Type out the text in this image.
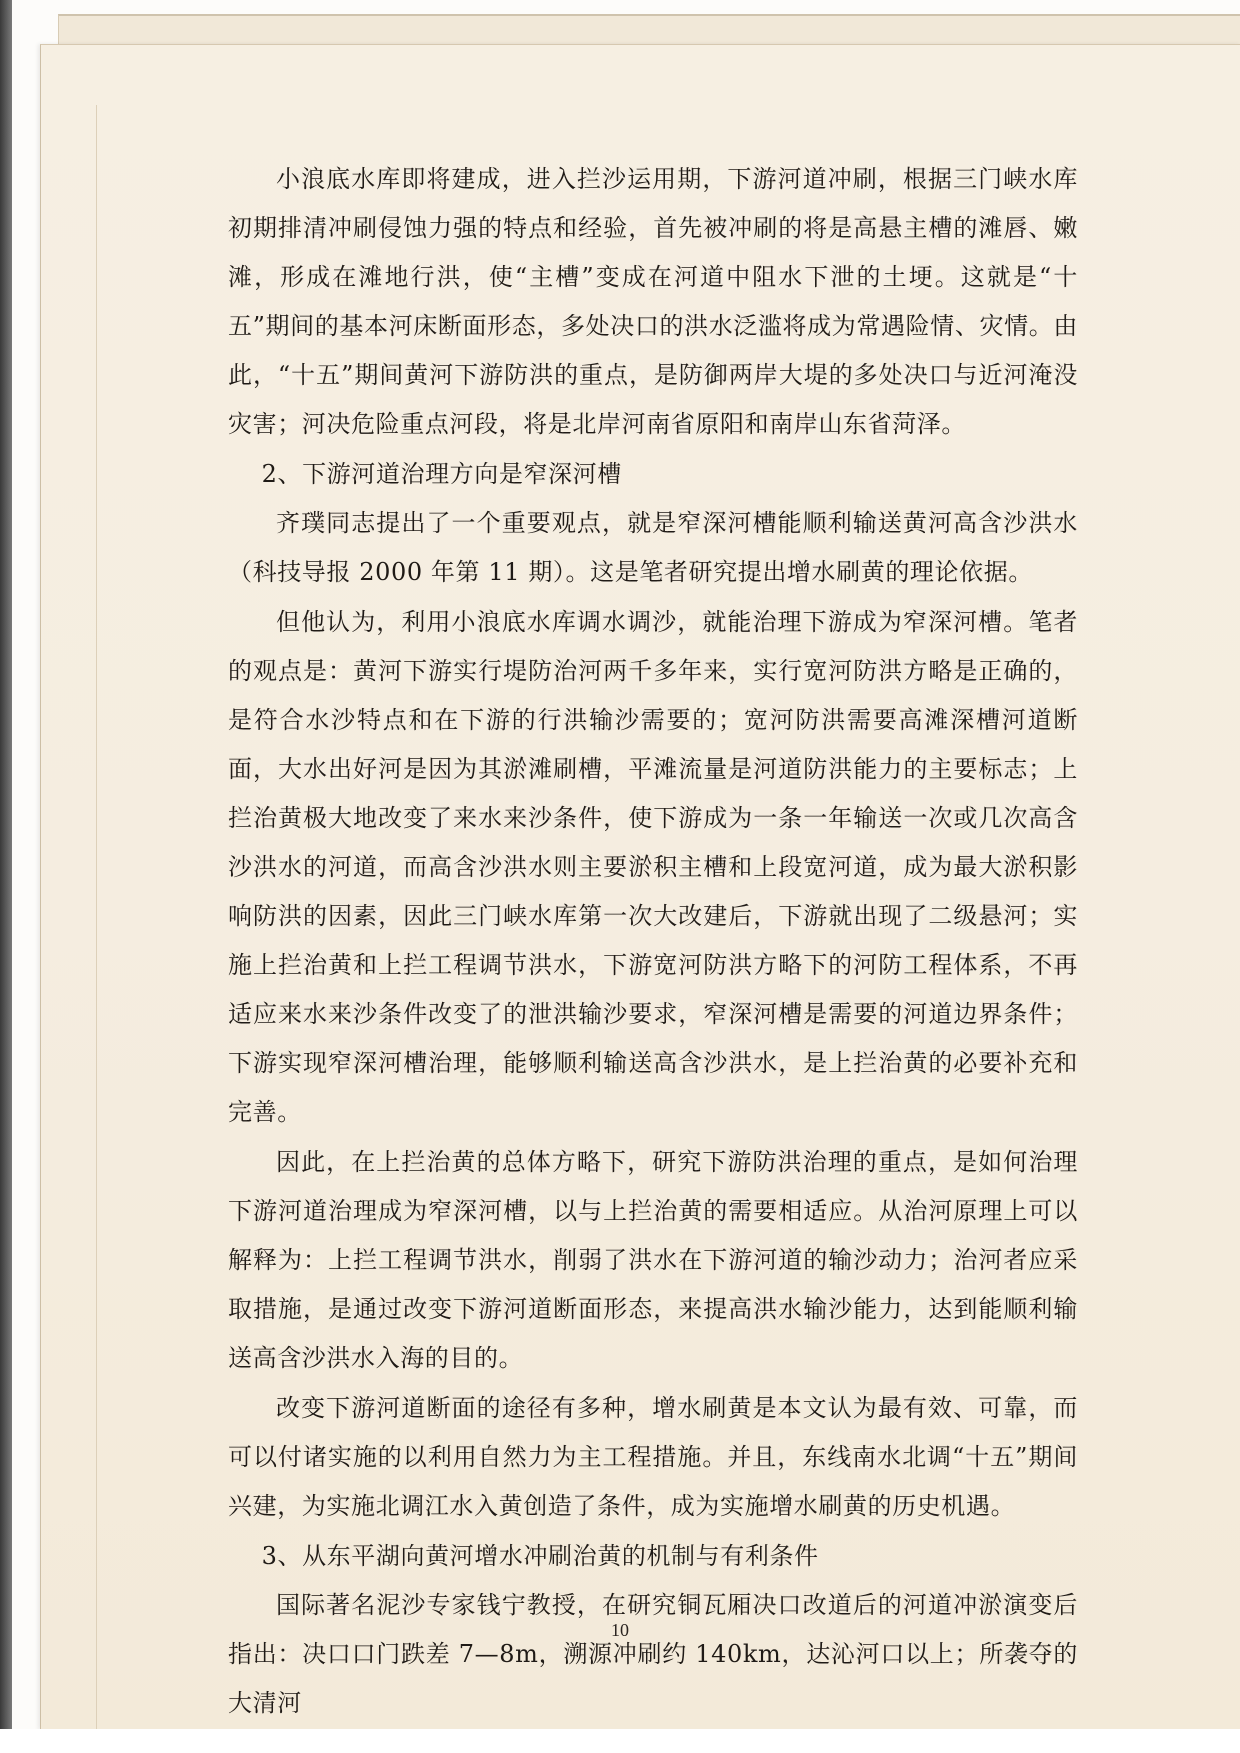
小浪底水库即将建成，进入拦沙运用期，下游河道冲刷，根据三门峡水库初期排清冲刷侵蚀力强的特点和经验，首先被冲刷的将是高悬主槽的滩唇、嫩滩，形成在滩地行洪，使“主槽”变成在河道中阻水下泄的土埂。这就是“十五”期间的基本河床断面形态，多处决口的洪水泛滥将成为常遇险情、灾情。由此，“十五”期间黄河下游防洪的重点，是防御两岸大堤的多处决口与近河淹没灾害；河决危险重点河段，将是北岸河南省原阳和南岸山东省菏泽。

2、下游河道治理方向是窄深河槽

齐璞同志提出了一个重要观点，就是窄深河槽能顺利输送黄河高含沙洪水（科技导报 2000 年第 11 期）。这是笔者研究提出增水刷黄的理论依据。

但他认为，利用小浪底水库调水调沙，就能治理下游成为窄深河槽。笔者的观点是：黄河下游实行堤防治河两千多年来，实行宽河防洪方略是正确的，是符合水沙特点和在下游的行洪输沙需要的；宽河防洪需要高滩深槽河道断面，大水出好河是因为其淤滩刷槽，平滩流量是河道防洪能力的主要标志；上拦治黄极大地改变了来水来沙条件，使下游成为一条一年输送一次或几次高含沙洪水的河道，而高含沙洪水则主要淤积主槽和上段宽河道，成为最大淤积影响防洪的因素，因此三门峡水库第一次大改建后，下游就出现了二级悬河；实施上拦治黄和上拦工程调节洪水，下游宽河防洪方略下的河防工程体系，不再适应来水来沙条件改变了的泄洪输沙要求，窄深河槽是需要的河道边界条件；下游实现窄深河槽治理，能够顺利输送高含沙洪水，是上拦治黄的必要补充和完善。

因此，在上拦治黄的总体方略下，研究下游防洪治理的重点，是如何治理下游河道治理成为窄深河槽，以与上拦治黄的需要相适应。从治河原理上可以解释为：上拦工程调节洪水，削弱了洪水在下游河道的输沙动力；治河者应采取措施，是通过改变下游河道断面形态，来提高洪水输沙能力，达到能顺利输送高含沙洪水入海的目的。

改变下游河道断面的途径有多种，增水刷黄是本文认为最有效、可靠，而可以付诸实施的以利用自然力为主工程措施。并且，东线南水北调“十五”期间兴建，为实施北调江水入黄创造了条件，成为实施增水刷黄的历史机遇。

3、从东平湖向黄河增水冲刷治黄的机制与有利条件

国际著名泥沙专家钱宁教授，在研究铜瓦厢决口改道后的河道冲淤演变后指出：决口口门跌差 7—8m，溯源冲刷约 140km，达沁河口以上；所袭夺的大清河

10
